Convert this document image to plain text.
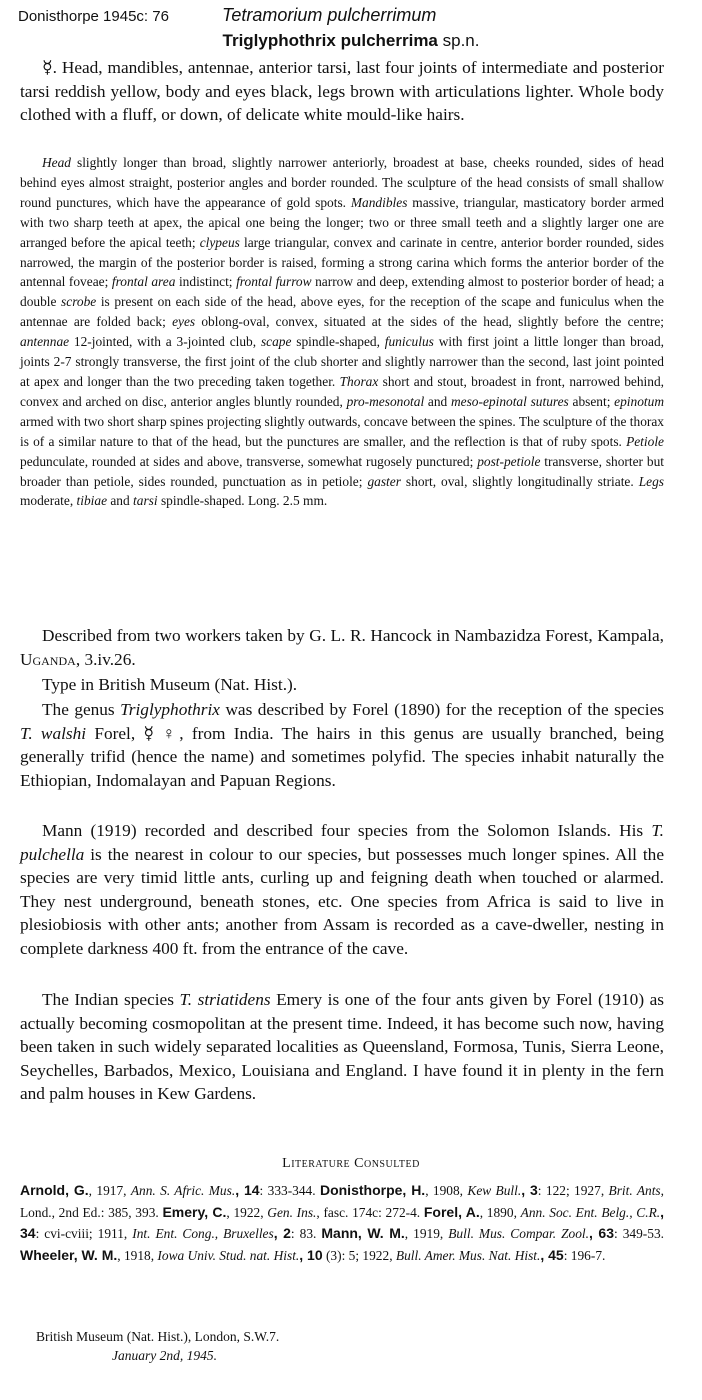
Donisthorpe 1945c: 76	Tetramorium pulcherrimum
Triglyphothrix pulcherrima sp.n.

☿. Head, mandibles, antennae, anterior tarsi, last four joints of intermediate and posterior tarsi reddish yellow, body and eyes black, legs brown with articulations lighter. Whole body clothed with a fluff, or down, of delicate white mould-like hairs.

Head slightly longer than broad, slightly narrower anteriorly, broadest at base, cheeks rounded, sides of head behind eyes almost straight, posterior angles and border rounded. The sculpture of the head consists of small shallow round punctures, which have the appearance of gold spots. Mandibles massive, triangular, masticatory border armed with two sharp teeth at apex, the apical one being the longer; two or three small teeth and a slightly larger one are arranged before the apical teeth; clypeus large triangular, convex and carinate in centre, anterior border rounded, sides narrowed, the margin of the posterior border is raised, forming a strong carina which forms the anterior border of the antennal foveae; frontal area indistinct; frontal furrow narrow and deep, extending almost to posterior border of head; a double scrobe is present on each side of the head, above eyes, for the reception of the scape and funiculus when the antennae are folded back; eyes oblong-oval, convex, situated at the sides of the head, slightly before the centre; antennae 12-jointed, with a 3-jointed club, scape spindle-shaped, funiculus with first joint a little longer than broad, joints 2-7 strongly transverse, the first joint of the club shorter and slightly narrower than the second, last joint pointed at apex and longer than the two preceding taken together. Thorax short and stout, broadest in front, narrowed behind, convex and arched on disc, anterior angles bluntly rounded, pro-mesonotal and meso-epinotal sutures absent; epinotum armed with two short sharp spines projecting slightly outwards, concave between the spines. The sculpture of the thorax is of a similar nature to that of the head, but the punctures are smaller, and the reflection is that of ruby spots. Petiole pedunculate, rounded at sides and above, transverse, somewhat rugosely punctured; post-petiole transverse, shorter but broader than petiole, sides rounded, punctuation as in petiole; gaster short, oval, slightly longitudinally striate. Legs moderate, tibiae and tarsi spindle-shaped. Long. 2.5 mm.

Described from two workers taken by G. L. R. Hancock in Nambazidza Forest, Kampala, Uganda, 3.iv.26.

Type in British Museum (Nat. Hist.).

The genus Triglyphothrix was described by Forel (1890) for the reception of the species T. walshi Forel, ☿ ♀, from India. The hairs in this genus are usually branched, being generally trifid (hence the name) and sometimes polyfid. The species inhabit naturally the Ethiopian, Indomalayan and Papuan Regions.

Mann (1919) recorded and described four species from the Solomon Islands. His T. pulchella is the nearest in colour to our species, but possesses much longer spines. All the species are very timid little ants, curling up and feigning death when touched or alarmed. They nest underground, beneath stones, etc. One species from Africa is said to live in plesiobiosis with other ants; another from Assam is recorded as a cave-dweller, nesting in complete darkness 400 ft. from the entrance of the cave.

The Indian species T. striatidens Emery is one of the four ants given by Forel (1910) as actually becoming cosmopolitan at the present time. Indeed, it has become such now, having been taken in such widely separated localities as Queensland, Formosa, Tunis, Sierra Leone, Seychelles, Barbados, Mexico, Louisiana and England. I have found it in plenty in the fern and palm houses in Kew Gardens.

Literature Consulted
Arnold, G., 1917, Ann. S. Afric. Mus., 14: 333-344. Donisthorpe, H., 1908, Kew Bull., 3: 122; 1927, Brit. Ants, Lond., 2nd Ed.: 385, 393. Emery, C., 1922, Gen. Ins., fasc. 174c: 272-4. Forel, A., 1890, Ann. Soc. Ent. Belg., C.R., 34: cvi-cviii; 1911, Int. Ent. Cong., Bruxelles, 2: 83. Mann, W. M., 1919, Bull. Mus. Compar. Zool., 63: 349-53. Wheeler, W. M., 1918, Iowa Univ. Stud. nat. Hist., 10 (3): 5; 1922, Bull. Amer. Mus. Nat. Hist., 45: 196-7.
British Museum (Nat. Hist.), London, S.W.7.
January 2nd, 1945.
